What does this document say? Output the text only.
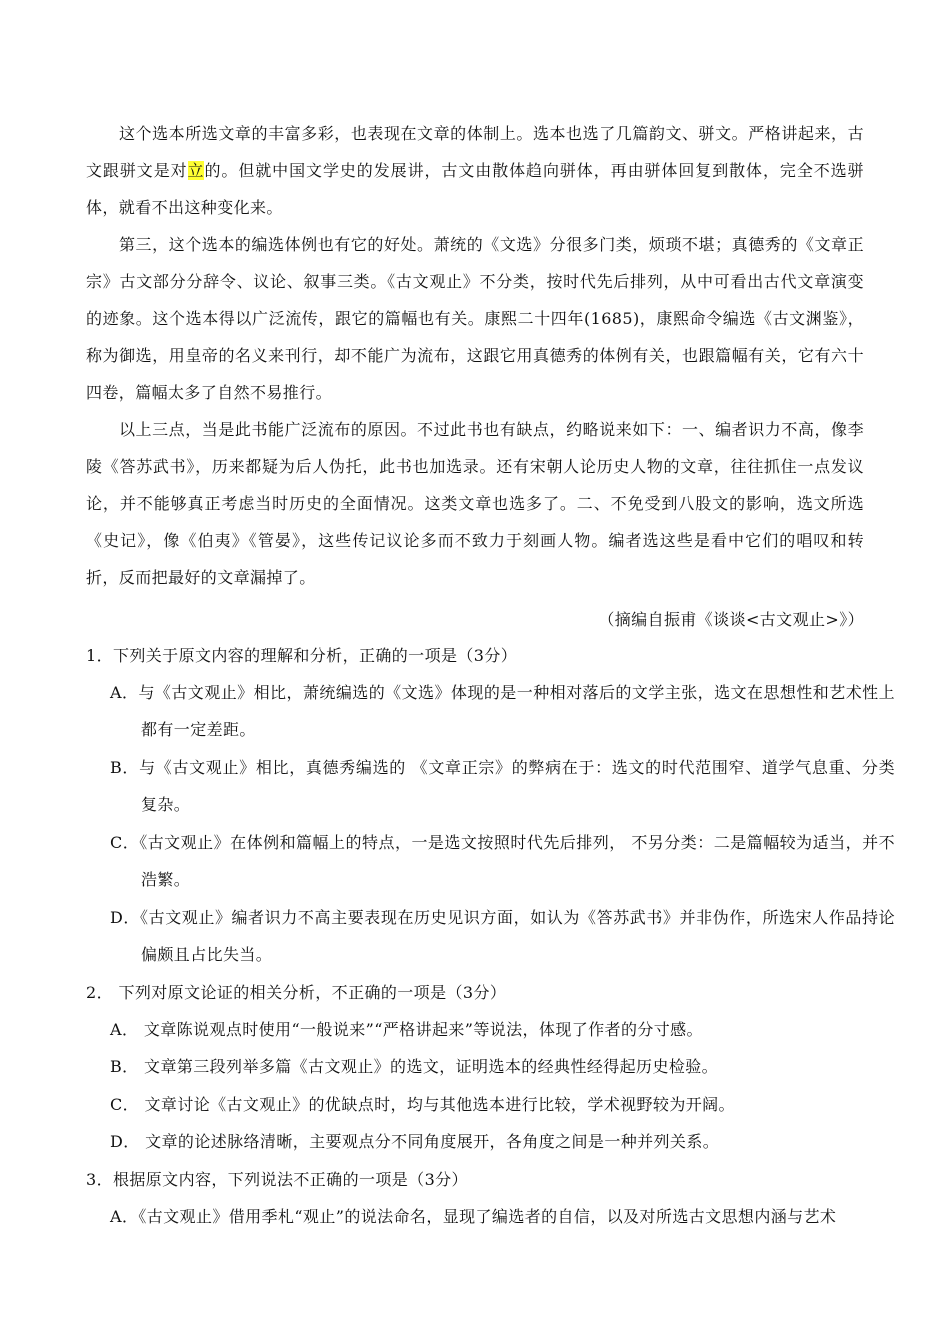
这个选本所选文章的丰富多彩，也表现在文章的体制上。选本也选了几篇韵文、骈文。严格讲起来，古文跟骈文是对立的。但就中国文学史的发展讲，古文由散体趋向骈体，再由骈体回复到散体，完全不选骈体，就看不出这种变化来。

第三，这个选本的编选体例也有它的好处。萧统的《文选》分很多门类，烦琐不堪；真德秀的《文章正宗》古文部分分辞令、议论、叙事三类。《古文观止》不分类，按时代先后排列，从中可看出古代文章演变的迹象。这个选本得以广泛流传，跟它的篇幅也有关。康熙二十四年(1685)，康熙命令编选《古文渊鉴》，称为御选，用皇帝的名义来刊行，却不能广为流布，这跟它用真德秀的体例有关，也跟篇幅有关，它有六十四卷，篇幅太多了自然不易推行。

以上三点，当是此书能广泛流布的原因。不过此书也有缺点，约略说来如下：一、编者识力不高，像李陵《答苏武书》，历来都疑为后人伪托，此书也加选录。还有宋朝人论历史人物的文章，往往抓住一点发议论，并不能够真正考虑当时历史的全面情况。这类文章也选多了。二、不免受到八股文的影响，选文所选《史记》，像《伯夷》《管晏》，这些传记议论多而不致力于刻画人物。编者选这些是看中它们的唱叹和转折，反而把最好的文章漏掉了。

（摘编自振甫《谈谈<古文观止>》）

1．下列关于原文内容的理解和分析，正确的一项是（3分）

A．与《古文观止》相比，萧统编选的《文选》体现的是一种相对落后的文学主张，选文在思想性和艺术性上都有一定差距。

B．与《古文观止》相比，真德秀编选的 《文章正宗》的弊病在于：选文的时代范围窄、道学气息重、分类复杂。

C．《古文观止》在体例和篇幅上的特点，一是选文按照时代先后排列， 不另分类：二是篇幅较为适当，并不浩繁。

D．《古文观止》编者识力不高主要表现在历史见识方面，如认为《答苏武书》并非伪作，所选宋人作品持论偏颇且占比失当。

2． 下列对原文论证的相关分析，不正确的一项是（3分）

A． 文章陈说观点时使用“一般说来”“严格讲起来”等说法，体现了作者的分寸感。

B． 文章第三段列举多篇《古文观止》的选文，证明选本的经典性经得起历史检验。

C． 文章讨论《古文观止》的优缺点时，均与其他选本进行比较，学术视野较为开阔。

D． 文章的论述脉络清晰，主要观点分不同角度展开，各角度之间是一种并列关系。

3．根据原文内容，下列说法不正确的一项是（3分）

A．《古文观止》借用季札“观止”的说法命名，显现了编选者的自信，以及对所选古文思想内涵与艺术
